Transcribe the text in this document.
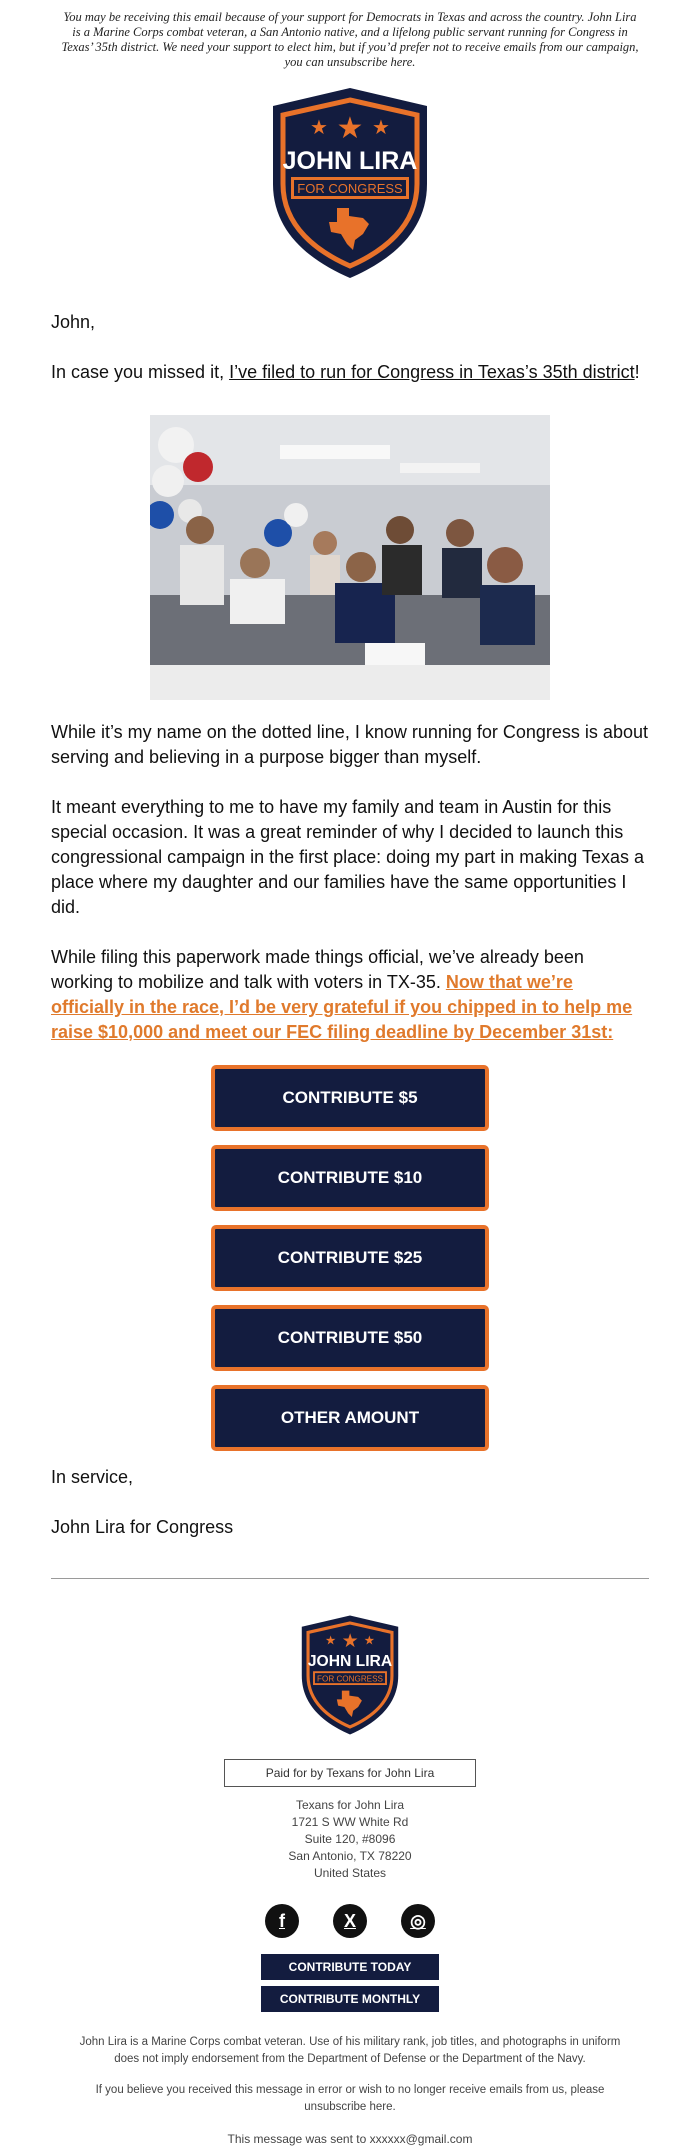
You may be receiving this email because of your support for Democrats in Texas and across the country. John Lira is a Marine Corps combat veteran, a San Antonio native, and a lifelong public servant running for Congress in Texas’ 35th district. We need your support to elect him, but if you’d prefer not to receive emails from our campaign, you can unsubscribe here.

★
★ ★
JOHN LIRA
FOR CONGRESS

John,

In case you missed it, I’ve filed to run for Congress in Texas’s 35th district!

While it’s my name on the dotted line, I know running for Congress is about serving and believing in a purpose bigger than myself.

It meant everything to me to have my family and team in Austin for this special occasion. It was a great reminder of why I decided to launch this congressional campaign in the first place: doing my part in making Texas a place where my daughter and our families have the same opportunities I did.

While filing this paperwork made things official, we’ve already been working to mobilize and talk with voters in TX-35. Now that we’re officially in the race, I’d be very grateful if you chipped in to help me raise $10,000 and meet our FEC filing deadline by December 31st:

CONTRIBUTE $5
CONTRIBUTE $10
CONTRIBUTE $25
CONTRIBUTE $50
OTHER AMOUNT

In service,

John Lira for Congress

★
★ ★
JOHN LIRA
FOR CONGRESS
Paid for by Texans for John Lira
Texans for John Lira
1721 S WW White Rd
Suite 120, #8096
San Antonio, TX 78220
United States
f	X	◎
CONTRIBUTE TODAY
CONTRIBUTE MONTHLY

John Lira is a Marine Corps combat veteran. Use of his military rank, job titles, and photographs in uniform does not imply endorsement from the Department of Defense or the Department of the Navy.

If you believe you received this message in error or wish to no longer receive emails from us, please unsubscribe here.

This message was sent to xxxxxx@gmail.com
